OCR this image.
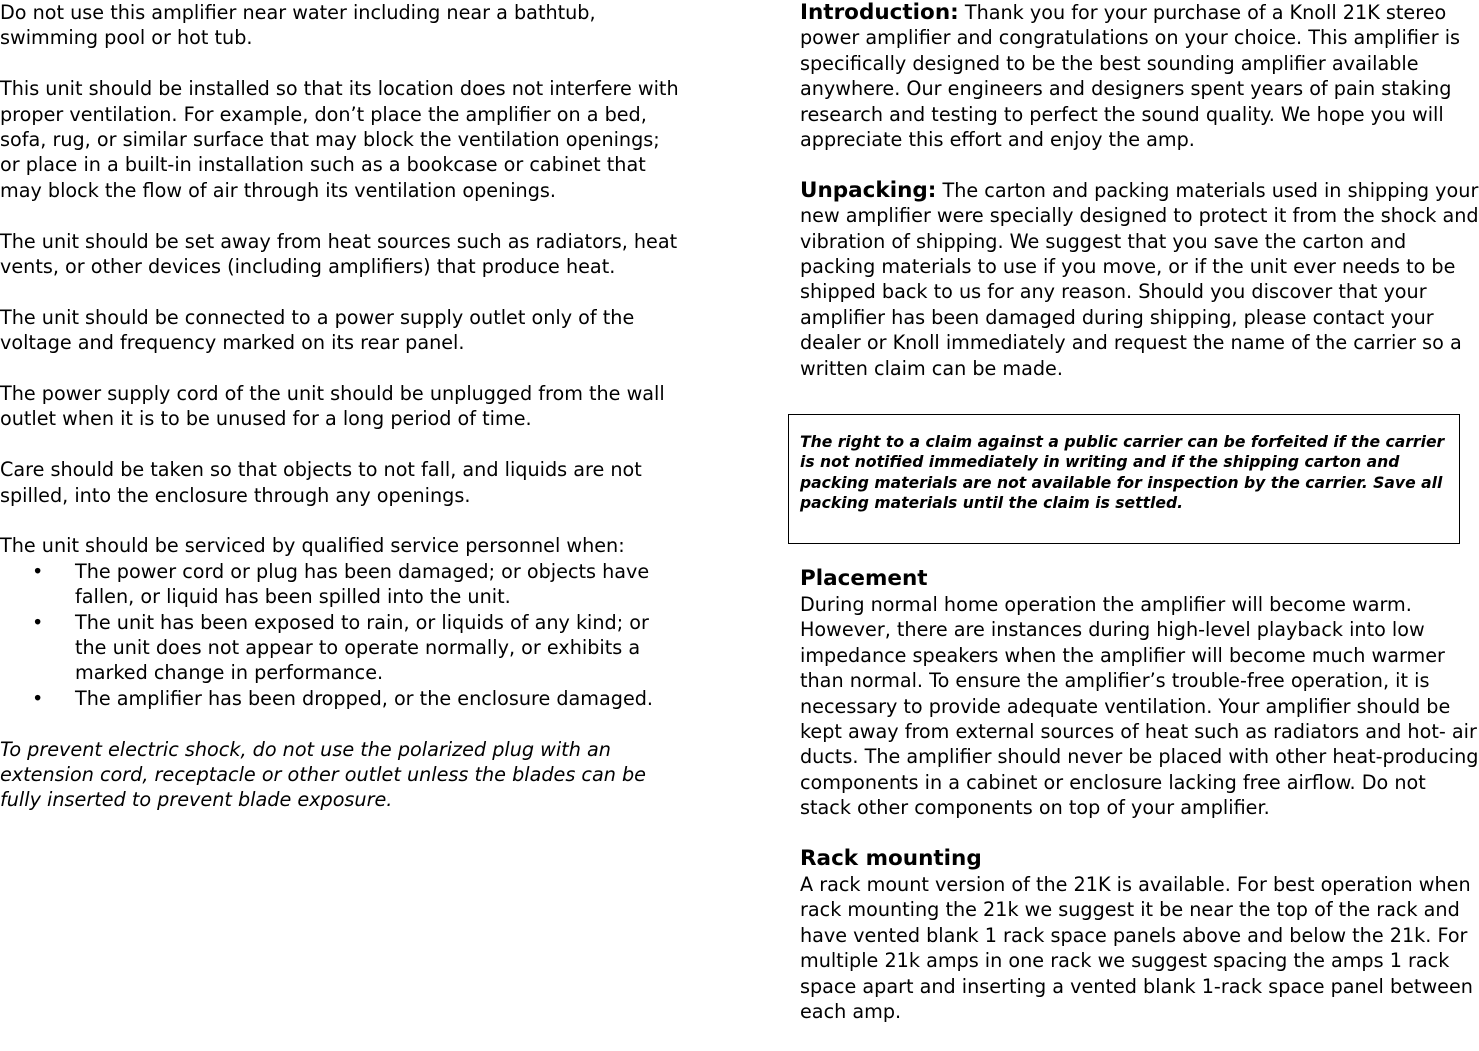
Do not use this amplifier near water including near a bathtub, swimming pool or hot tub.

This unit should be installed so that its location does not interfere with proper ventilation. For example, don’t place the amplifier on a bed, sofa, rug, or similar surface that may block the ventilation openings; or place in a built-in installation such as a bookcase or cabinet that may block the flow of air through its ventilation openings.

The unit should be set away from heat sources such as radiators, heat vents, or other devices (including amplifiers) that produce heat.

The unit should be connected to a power supply outlet only of the voltage and frequency marked on its rear panel.

The power supply cord of the unit should be unplugged from the wall outlet when it is to be unused for a long period of time.

Care should be taken so that objects to not fall, and liquids are not spilled, into the enclosure through any openings.

The unit should be serviced by qualified service personnel when:

• The power cord or plug has been damaged; or objects have fallen, or liquid has been spilled into the unit.
• The unit has been exposed to rain, or liquids of any kind; or the unit does not appear to operate normally, or exhibits a marked change in performance.
• The amplifier has been dropped, or the enclosure damaged.

To prevent electric shock, do not use the polarized plug with an extension cord, receptacle or other outlet unless the blades can be fully inserted to prevent blade exposure.

Introduction: Thank you for your purchase of a Knoll 21K stereo power amplifier and congratulations on your choice. This amplifier is specifically designed to be the best sounding amplifier available anywhere. Our engineers and designers spent years of pain staking research and testing to perfect the sound quality. We hope you will appreciate this effort and enjoy the amp.

Unpacking: The carton and packing materials used in shipping your new amplifier were specially designed to protect it from the shock and vibration of shipping. We suggest that you save the carton and packing materials to use if you move, or if the unit ever needs to be shipped back to us for any reason. Should you discover that your amplifier has been damaged during shipping, please contact your dealer or Knoll immediately and request the name of the carrier so a written claim can be made.

The right to a claim against a public carrier can be forfeited if the carrier is not notified immediately in writing and if the shipping carton and packing materials are not available for inspection by the carrier. Save all packing materials until the claim is settled.

Placement

During normal home operation the amplifier will become warm. However, there are instances during high-level playback into low impedance speakers when the amplifier will become much warmer than normal. To ensure the amplifier’s trouble-free operation, it is necessary to provide adequate ventilation. Your amplifier should be kept away from external sources of heat such as radiators and hot- air ducts. The amplifier should never be placed with other heat-producing components in a cabinet or enclosure lacking free airflow. Do not stack other components on top of your amplifier.

Rack mounting

A rack mount version of the 21K is available. For best operation when rack mounting the 21k we suggest it be near the top of the rack and have vented blank 1 rack space panels above and below the 21k. For multiple 21k amps in one rack we suggest spacing the amps 1 rack space apart and inserting a vented blank 1-rack space panel between each amp.
